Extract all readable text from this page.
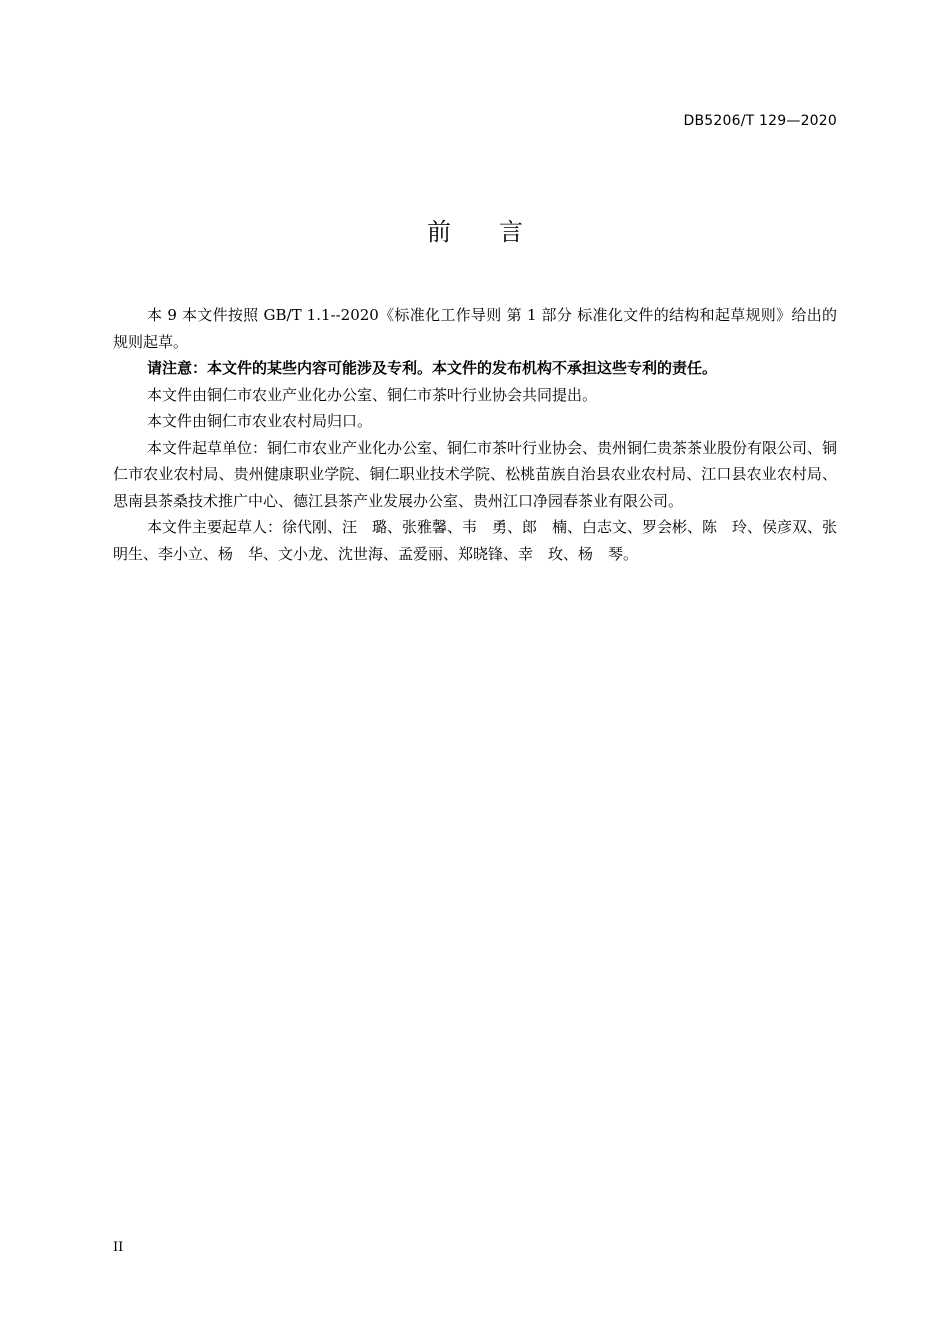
DB5206/T 129—2020
前言

本 9 本文件按照 GB/T 1.1--2020《标准化工作导则 第 1 部分 标准化文件的结构和起草规则》给出的规则起草。

请注意：本文件的某些内容可能涉及专利。本文件的发布机构不承担这些专利的责任。

本文件由铜仁市农业产业化办公室、铜仁市茶叶行业协会共同提出。

本文件由铜仁市农业农村局归口。

本文件起草单位：铜仁市农业产业化办公室、铜仁市茶叶行业协会、贵州铜仁贵茶茶业股份有限公司、铜仁市农业农村局、贵州健康职业学院、铜仁职业技术学院、松桃苗族自治县农业农村局、江口县农业农村局、思南县茶桑技术推广中心、德江县茶产业发展办公室、贵州江口净园春茶业有限公司。

本文件主要起草人：徐代刚、汪　璐、张雅馨、韦　勇、郎　楠、白志文、罗会彬、陈　玲、侯彦双、张明生、李小立、杨　华、文小龙、沈世海、孟爱丽、郑晓锋、幸　玫、杨　琴。

II
